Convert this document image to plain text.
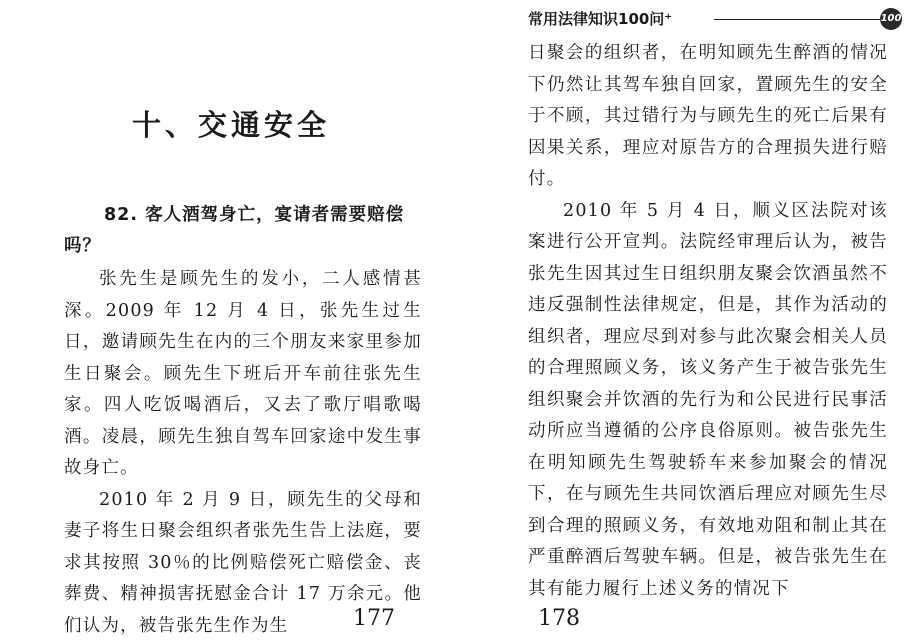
十、交通安全
82. 客人酒驾身亡，宴请者需要赔偿吗？

张先生是顾先生的发小，二人感情甚深。2009 年 12 月 4 日，张先生过生日，邀请顾先生在内的三个朋友来家里参加生日聚会。顾先生下班后开车前往张先生家。四人吃饭喝酒后，又去了歌厅唱歌喝酒。凌晨，顾先生独自驾车回家途中发生事故身亡。

2010 年 2 月 9 日，顾先生的父母和妻子将生日聚会组织者张先生告上法庭，要求其按照 30％的比例赔偿死亡赔偿金、丧葬费、精神损害抚慰金合计 17 万余元。他们认为，被告张先生作为生	177
常用法律知识100问⁺	100

日聚会的组织者，在明知顾先生醉酒的情况下仍然让其驾车独自回家，置顾先生的安全于不顾，其过错行为与顾先生的死亡后果有因果关系，理应对原告方的合理损失进行赔付。

2010 年 5 月 4 日，顺义区法院对该案进行公开宣判。法院经审理后认为，被告张先生因其过生日组织朋友聚会饮酒虽然不违反强制性法律规定，但是，其作为活动的组织者，理应尽到对参与此次聚会相关人员的合理照顾义务，该义务产生于被告张先生组织聚会并饮酒的先行为和公民进行民事活动所应当遵循的公序良俗原则。被告张先生在明知顾先生驾驶轿车来参加聚会的情况下，在与顾先生共同饮酒后理应对顾先生尽到合理的照顾义务，有效地劝阻和制止其在严重醉酒后驾驶车辆。但是，被告张先生在其有能力履行上述义务的情况下

178
